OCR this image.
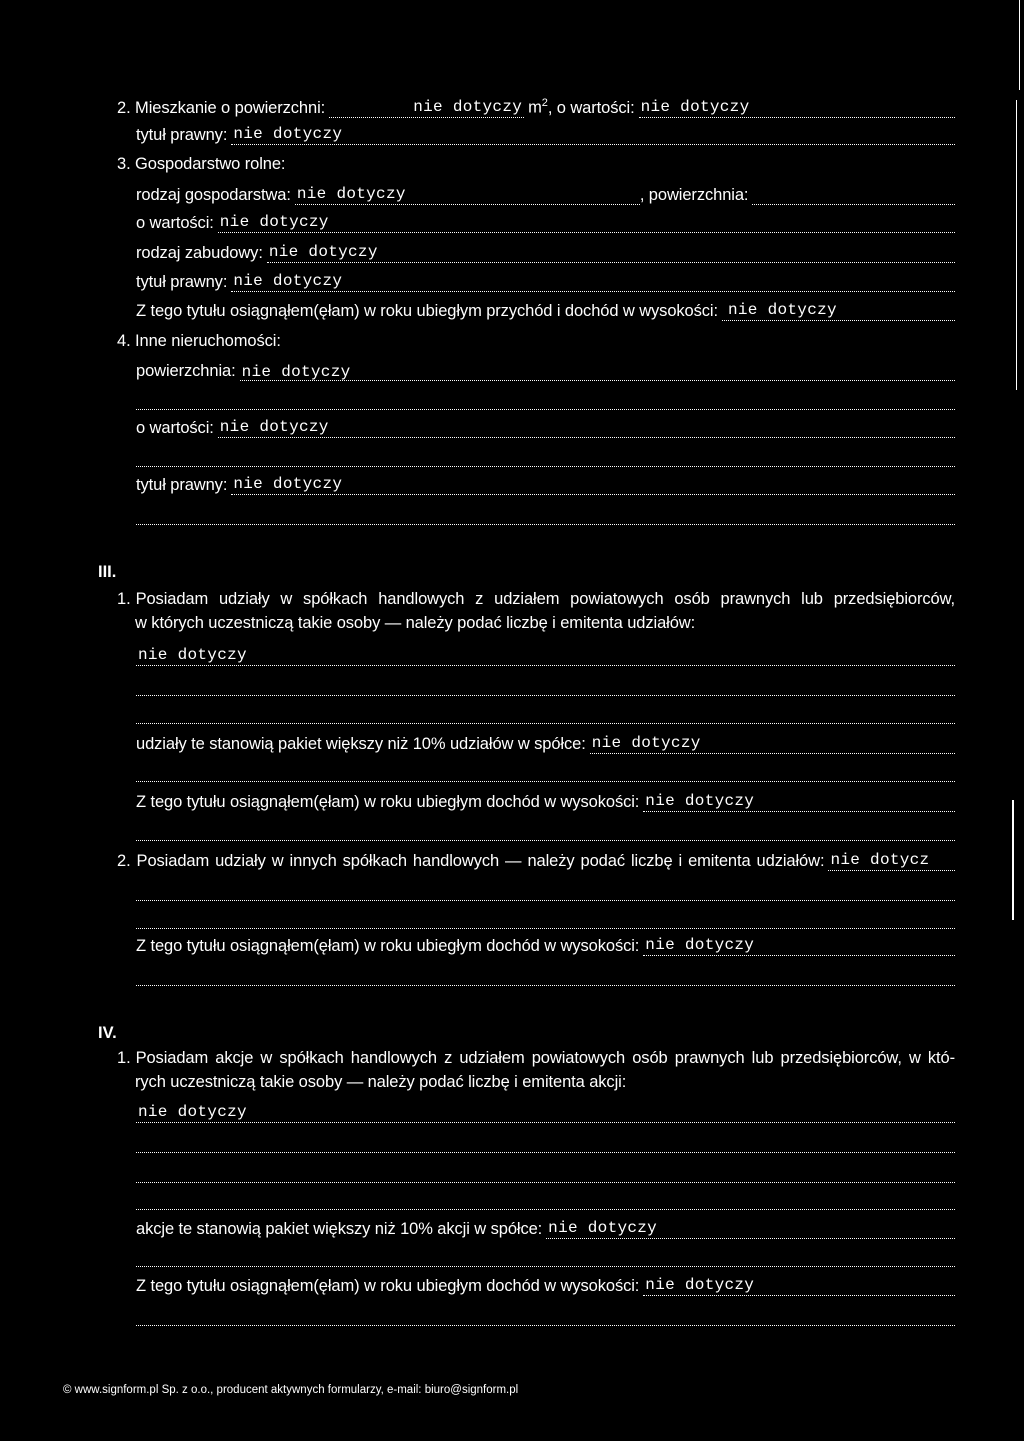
2. Mieszkanie o powierzchni:	nie dotyczy $m^2$ , o wartości: nie dotyczy
tytuł prawny: nie dotyczy
3. Gospodarstwo rolne:
rodzaj gospodarstwa: nie dotyczy	, powierzchnia:
o wartości: nie dotyczy
rodzaj zabudowy: nie dotyczy
tytuł prawny: nie dotyczy
Z tego tytułu osiągnąłem(ęłam) w roku ubiegłym przychód i dochód w wysokości: nie dotyczy
4. Inne nieruchomości:
powierzchnia: nie dotyczy
o wartości: nie dotyczy
tytuł prawny: nie dotyczy
III.
1. Posiadam udziały w spółkach handlowych z udziałem powiatowych osób prawnych lub przedsiębiorców,
w których uczestniczą takie osoby — należy podać liczbę i emitenta udziałów:
nie dotyczy
udziały te stanowią pakiet większy niż 10% udziałów w spółce: nie dotyczy
Z tego tytułu osiągnąłem(ęłam) w roku ubiegłym dochód w wysokości: nie dotyczy
2. Posiadam udziały w innych spółkach handlowych — należy podać liczbę i emitenta udziałów: nie dotycz
Z tego tytułu osiągnąłem(ęłam) w roku ubiegłym dochód w wysokości: nie dotyczy
IV.
1. Posiadam akcje w spółkach handlowych z udziałem powiatowych osób prawnych lub przedsiębiorców, w któ-
rych uczestniczą takie osoby — należy podać liczbę i emitenta akcji:
nie dotyczy
akcje te stanowią pakiet większy niż 10% akcji w spółce: nie dotyczy
Z tego tytułu osiągnąłem(ęłam) w roku ubiegłym dochód w wysokości: nie dotyczy
© www.signform.pl Sp. z o.o., producent aktywnych formularzy, e-mail: biuro@signform.pl
